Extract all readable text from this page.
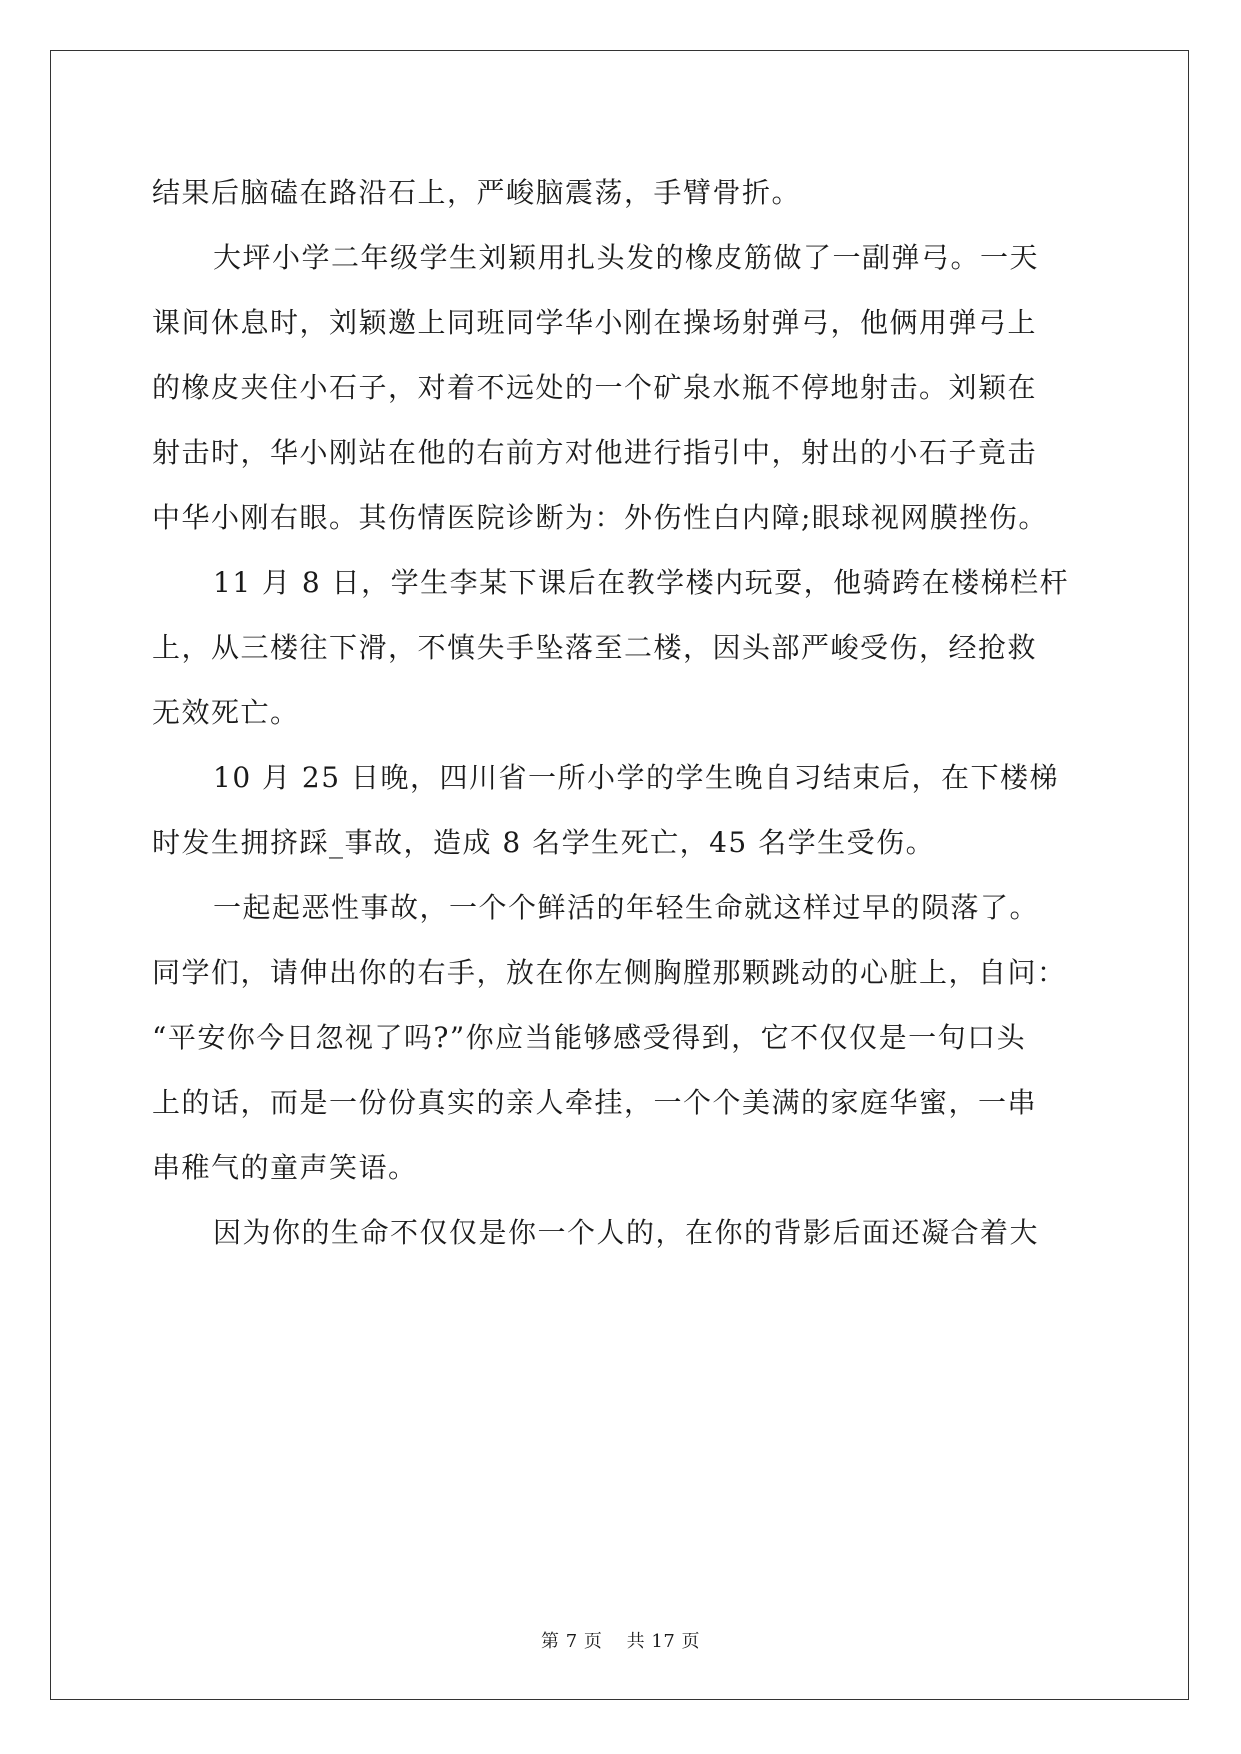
结果后脑磕在路沿石上，严峻脑震荡，手臂骨折。

大坪小学二年级学生刘颖用扎头发的橡皮筋做了一副弹弓。一天

课间休息时，刘颖邀上同班同学华小刚在操场射弹弓，他俩用弹弓上

的橡皮夹住小石子，对着不远处的一个矿泉水瓶不停地射击。刘颖在

射击时，华小刚站在他的右前方对他进行指引中，射出的小石子竟击

中华小刚右眼。其伤情医院诊断为：外伤性白内障;眼球视网膜挫伤。

11 月 8 日，学生李某下课后在教学楼内玩耍，他骑跨在楼梯栏杆

上，从三楼往下滑，不慎失手坠落至二楼，因头部严峻受伤，经抢救

无效死亡。

10 月 25 日晚，四川省一所小学的学生晚自习结束后，在下楼梯

时发生拥挤踩_事故，造成 8 名学生死亡，45 名学生受伤。

一起起恶性事故，一个个鲜活的年轻生命就这样过早的陨落了。

同学们，请伸出你的右手，放在你左侧胸膛那颗跳动的心脏上，自问：

“平安你今日忽视了吗?”你应当能够感受得到，它不仅仅是一句口头

上的话，而是一份份真实的亲人牵挂，一个个美满的家庭华蜜，一串

串稚气的童声笑语。

因为你的生命不仅仅是你一个人的，在你的背影后面还凝合着大

第 7 页 共 17 页
